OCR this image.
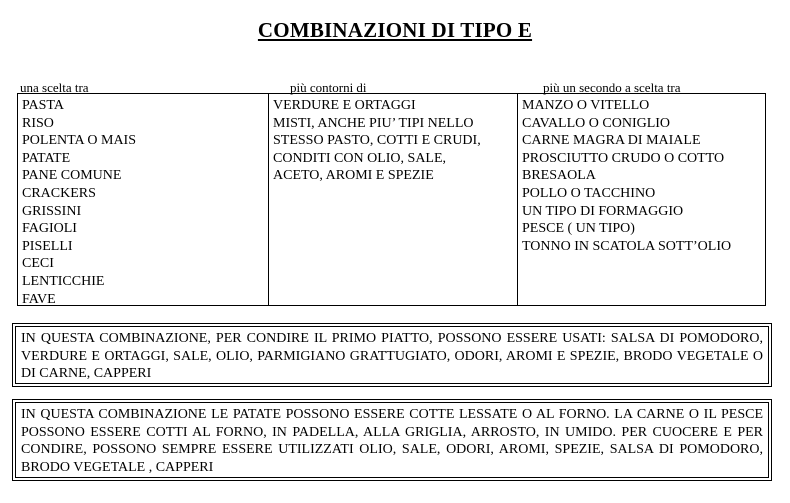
COMBINAZIONI DI TIPO E
una scelta tra	più contorni di	più un secondo a scelta tra
PASTA
RISO
POLENTA O MAIS
PATATE
PANE COMUNE
CRACKERS
GRISSINI
FAGIOLI
PISELLI
CECI
LENTICCHIE
FAVE
VERDURE E ORTAGGI
MISTI, ANCHE PIU’ TIPI NELLO
STESSO PASTO, COTTI E CRUDI,
CONDITI CON OLIO, SALE,
ACETO, AROMI E SPEZIE
MANZO O VITELLO
CAVALLO O CONIGLIO
CARNE MAGRA DI MAIALE
PROSCIUTTO CRUDO O COTTO
BRESAOLA
POLLO O TACCHINO
UN TIPO DI FORMAGGIO
PESCE ( UN TIPO)
TONNO IN SCATOLA SOTT’OLIO
IN QUESTA COMBINAZIONE, PER CONDIRE IL PRIMO PIATTO, POSSONO ESSERE USATI: SALSA DI POMODORO, VERDURE E ORTAGGI, SALE, OLIO, PARMIGIANO GRATTUGIATO, ODORI, AROMI E SPEZIE, BRODO VEGETALE O DI CARNE, CAPPERI
IN QUESTA COMBINAZIONE LE PATATE POSSONO ESSERE COTTE LESSATE O AL FORNO. LA CARNE O IL PESCE POSSONO ESSERE COTTI AL FORNO, IN PADELLA, ALLA GRIGLIA, ARROSTO, IN UMIDO. PER CUOCERE E PER CONDIRE, POSSONO SEMPRE ESSERE UTILIZZATI OLIO, SALE, ODORI, AROMI, SPEZIE, SALSA DI POMODORO, BRODO VEGETALE , CAPPERI
